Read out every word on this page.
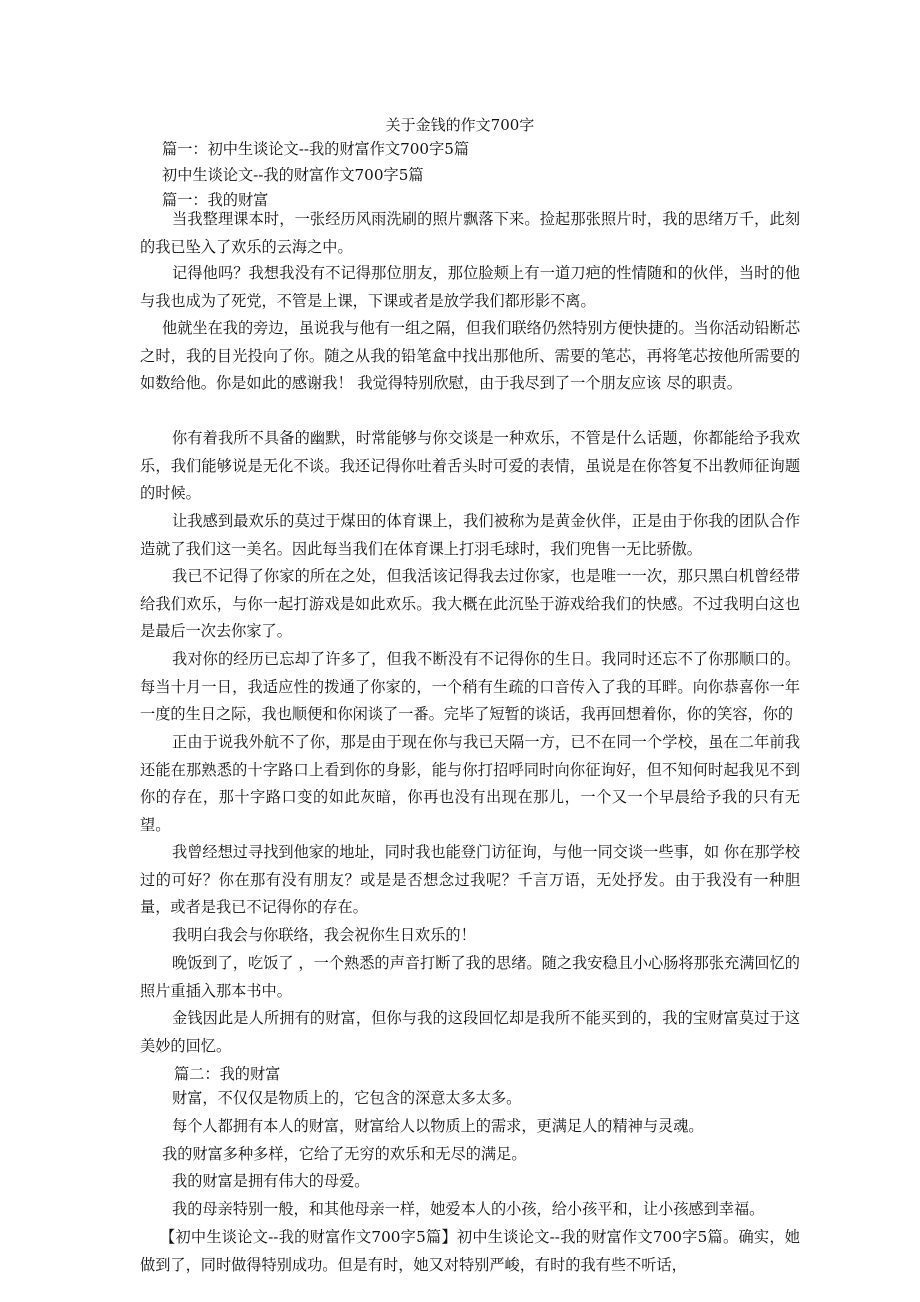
关于金钱的作文700字
篇一：初中生谈论文--我的财富作文700字5篇
初中生谈论文--我的财富作文700字5篇
篇一：我的财富

当我整理课本时，一张经历风雨洗刷的照片飘落下来。捡起那张照片时，我的思绪万千，此刻的我已坠入了欢乐的云海之中。

记得他吗？我想我没有不记得那位朋友，那位脸颊上有一道刀疤的性情随和的伙伴，当时的他与我也成为了死党，不管是上课，下课或者是放学我们都形影不离。

他就坐在我的旁边，虽说我与他有一组之隔，但我们联络仍然特别方便快捷的。当你活动铅断芯之时，我的目光投向了你。随之从我的铅笔盒中找出那他所、需要的笔芯，再将笔芯按他所需要的如数给他。你是如此的感谢我！ 我觉得特别欣慰，由于我尽到了一个朋友应该 尽的职责。

你有着我所不具备的幽默，时常能够与你交谈是一种欢乐，不管是什么话题，你都能给予我欢乐，我们能够说是无化不谈。我还记得你吐着舌头时可爱的表情，虽说是在你答复不出教师征询题的时候。

让我感到最欢乐的莫过于煤田的体育课上，我们被称为是黄金伙伴，正是由于你我的团队合作造就了我们这一美名。因此每当我们在体育课上打羽毛球时，我们兜售一无比骄傲。

我已不记得了你家的所在之处，但我活该记得我去过你家，也是唯一一次，那只黑白机曾经带给我们欢乐，与你一起打游戏是如此欢乐。我大概在此沉坠于游戏给我们的快感。不过我明白这也是最后一次去你家了。

我对你的经历已忘却了许多了，但我不断没有不记得你的生日。我同时还忘不了你那顺口的。每当十月一日，我适应性的拨通了你家的，一个稍有生疏的口音传入了我的耳畔。向你恭喜你一年一度的生日之际，我也顺便和你闲谈了一番。完毕了短暂的谈话，我再回想着你，你的笑容，你的

正由于说我外航不了你，那是由于现在你与我已天隔一方，已不在同一个学校，虽在二年前我还能在那熟悉的十字路口上看到你的身影，能与你打招呼同时向你征询好，但不知何时起我见不到你的存在，那十字路口变的如此灰暗，你再也没有出现在那儿，一个又一个早晨给予我的只有无望。

我曾经想过寻找到他家的地址，同时我也能登门访征询，与他一同交谈一些事，如 你在那学校过的可好？你在那有没有朋友？或是是否想念过我呢？千言万语，无处抒发。由于我没有一种胆量，或者是我已不记得你的存在。

我明白我会与你联络，我会祝你生日欢乐的！

晚饭到了，吃饭了 ，一个熟悉的声音打断了我的思绪。随之我安稳且小心肠将那张充满回忆的照片重插入那本书中。

金钱因此是人所拥有的财富，但你与我的这段回忆却是我所不能买到的，我的宝财富莫过于这美妙的回忆。

篇二：我的财富

财富，不仅仅是物质上的，它包含的深意太多太多。

每个人都拥有本人的财富，财富给人以物质上的需求，更满足人的精神与灵魂。

我的财富多种多样，它给了无穷的欢乐和无尽的满足。

我的财富是拥有伟大的母爱。

我的母亲特别一般，和其他母亲一样，她爱本人的小孩，给小孩平和，让小孩感到幸福。

【初中生谈论文--我的财富作文700字5篇】初中生谈论文--我的财富作文700字5篇。确实，她做到了，同时做得特别成功。但是有时，她又对特别严峻，有时的我有些不听话，
